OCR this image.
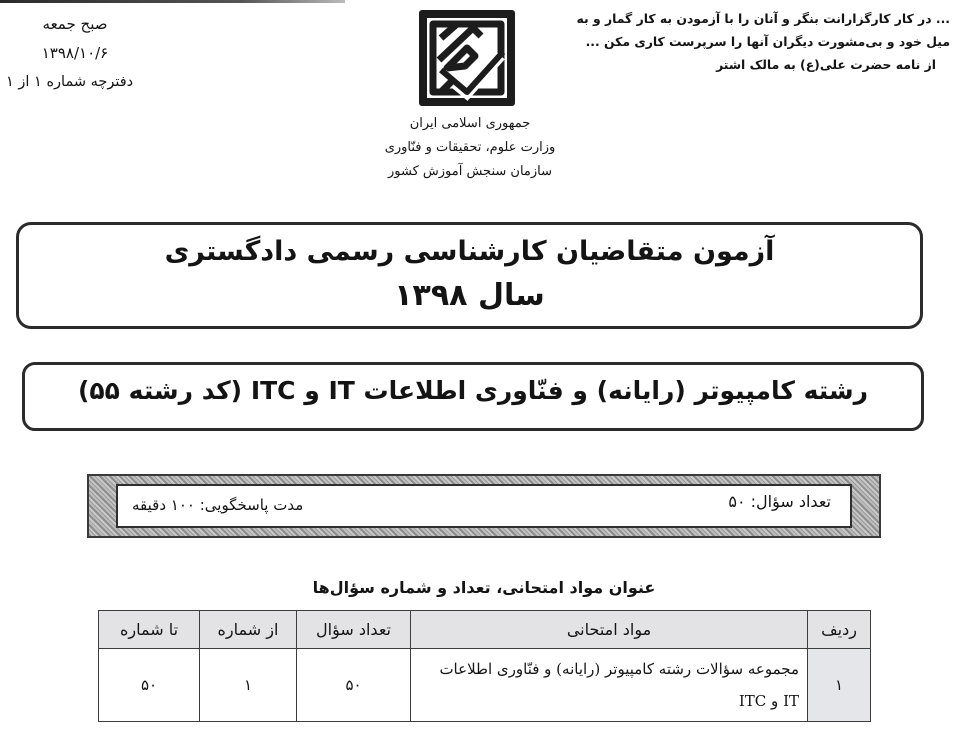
صبح جمعه
۱۳۹۸/۱۰/۶
دفترچه شماره ۱ از ۱
جمهوری اسلامی ایران
وزارت علوم، تحقیقات و فنّاوری
سازمان سنجش آموزش کشور
... در کار کارگزارانت بنگر و آنان را با آزمودن به کار گمار و به
میل خود و بی‌مشورت دیگران آنها را سرپرست کاری مکن ...
از نامه حضرت علی(ع) به مالک اشتر
آزمون متقاضیان کارشناسی رسمی دادگستری
سال ۱۳۹۸
رشته کامپیوتر (رایانه) و فنّاوری اطلاعات IT و ITC (کد رشته ۵۵)
تعداد سؤال: ۵۰
مدت پاسخگویی: ۱۰۰ دقیقه
عنوان مواد امتحانی، تعداد و شماره سؤال‌ها
ردیف	مواد امتحانی	تعداد سؤال	از شماره	تا شماره
۱	مجموعه سؤالات رشته کامپیوتر (رایانه) و فنّاوری اطلاعات IT و ITC	۵۰	۱	۵۰
